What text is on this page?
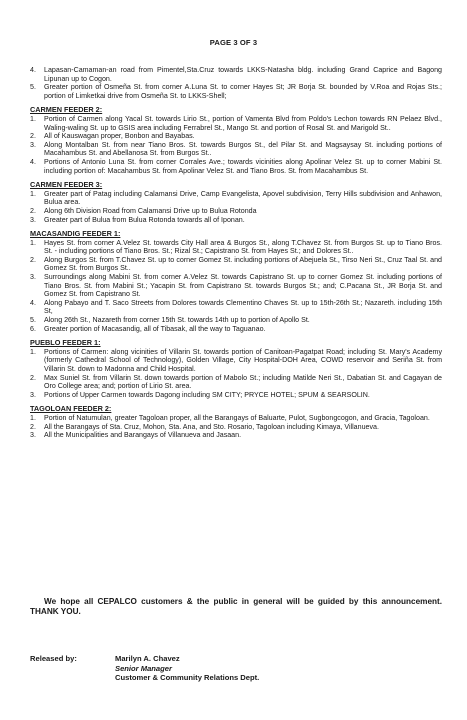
PAGE 3 OF 3
4. Lapasan-Camaman-an road from Pimentel,Sta.Cruz towards LKKS-Natasha bldg. including Grand Caprice and Bagong Lipunan up to Cogon.
5. Greater portion of Osmeña St. from corner A.Luna St. to corner Hayes St; JR Borja St. bounded by V.Roa and Rojas Sts.; portion of Limketkai drive from Osmeña St. to LKKS-Shell;
CARMEN FEEDER 2:
1. Portion of Carmen along Yacal St. towards Lirio St., portion of Vamenta Blvd from Poldo's Lechon towards RN Pelaez Blvd., Waling-waling St. up to GSIS area including Ferrabrel St., Mango St. and portion of Rosal St. and Marigold St..
2. All of Kauswagan proper, Bonbon and Bayabas.
3. Along Montalban St. from near Tiano Bros. St. towards Burgos St., del Pilar St. and Magsaysay St. including portions of Macahambus St. and Abellanosa St. from Burgos St..
4. Portions of Antonio Luna St. from corner Corrales Ave.; towards vicinities along Apolinar Velez St. up to corner Mabini St. including portion of: Macahambus St. from Apolinar Velez St. and Tiano Bros. St. from Macahambus St.
CARMEN FEEDER 3:
1. Greater part of Patag including Calamansi Drive, Camp Evangelista, Apovel subdivision, Terry Hills subdivision and Anhawon, Bulua area.
2. Along 6th Division Road from Calamansi Drive up to Bulua Rotonda
3. Greater part of Bulua from Bulua Rotonda towards all of Iponan.
MACASANDIG FEEDER 1:
1. Hayes St. from corner A.Velez St. towards City Hall area & Burgos St., along T.Chavez St. from Burgos St. up to Tiano Bros. St. - including portions of Tiano Bros. St.; Rizal St.; Capistrano St. from Hayes St.; and Dolores St..
2. Along Burgos St. from T.Chavez St. up to corner Gomez St. including portions of Abejuela St., Tirso Neri St., Cruz Taal St. and Gomez St. from Burgos St..
3. Surroundings along Mabini St. from corner A.Velez St. towards Capistrano St. up to corner Gomez St. including portions of Tiano Bros. St. from Mabini St.; Yacapin St. from Capistrano St. towards Burgos St.; and; C.Pacana St., JR Borja St. and Gomez St. from Capistrano St.
4. Along Pabayo and T. Saco Streets from Dolores towards Clementino Chaves St. up to 15th-26th St.; Nazareth. including 15th St,
5. Along 26th St., Nazareth from corner 15th St. towards 14th up to portion of Apollo St.
6. Greater portion of Macasandig, all of Tibasak, all the way to Taguanao.
PUEBLO FEEDER 1:
1. Portions of Carmen: along vicinities of Villarin St. towards portion of Canitoan-Pagatpat Road; including St. Mary's Academy (formerly Cathedral School of Technology), Golden Village, City Hospital-DOH Area, COWD reservoir and Seriña St. from Villarin St. down to Madonna and Child Hospital.
2. Max Suniel St. from Villarin St. down towards portion of Mabolo St.; including Matilde Neri St., Dabatian St. and Cagayan de Oro College area; and; portion of Lirio St. area.
3. Portions of Upper Carmen towards Dagong including SM CITY; PRYCE HOTEL; SPUM & SEARSOLIN.
TAGOLOAN FEEDER 2:
1. Portion of Natumulan, greater Tagoloan proper, all the Barangays of Baluarte, Pulot, Sugbongcogon, and Gracia, Tagoloan.
2. All the Barangays of Sta. Cruz, Mohon, Sta. Ana, and Sto. Rosario, Tagoloan including Kimaya, Villanueva.
3. All the Municipalities and Barangays of Villanueva and Jasaan.
We hope all CEPALCO customers & the public in general will be guided by this announcement. THANK YOU.
Released by:	Marilyn A. Chavez
Senior Manager
Customer & Community Relations Dept.
